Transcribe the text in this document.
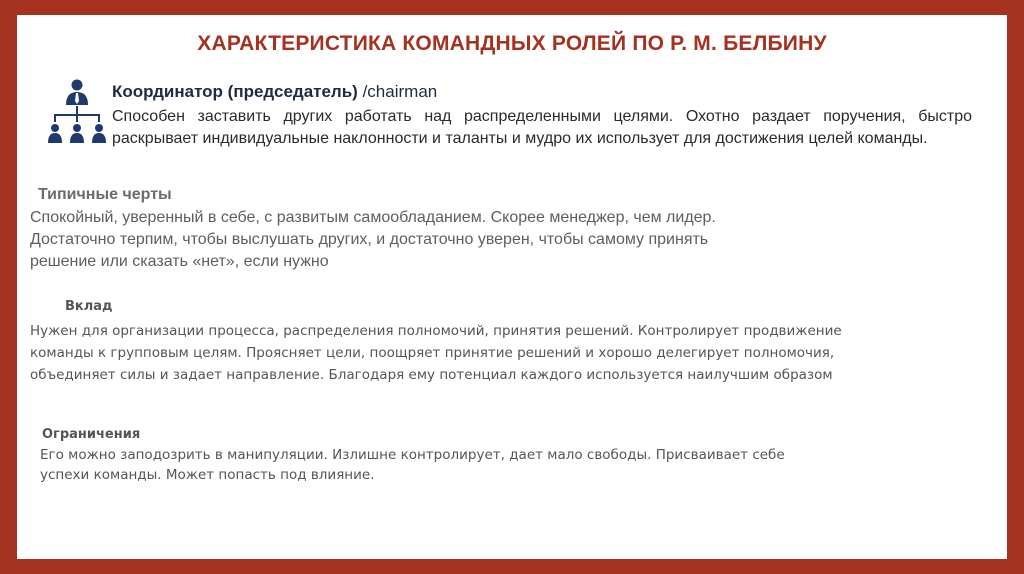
ХАРАКТЕРИСТИКА КОМАНДНЫХ РОЛЕЙ ПО Р. М. БЕЛБИНУ
Координатор (председатель) /chairman
Способен заставить других работать над распределенными целями. Охотно раздает поручения, быстро раскрывает индивидуальные наклонности и таланты и мудро их использует для достижения целей команды.
Типичные черты
Спокойный, уверенный в себе, с развитым самообладанием. Скорее менеджер, чем лидер.
Достаточно терпим, чтобы выслушать других, и достаточно уверен, чтобы самому принять
решение или сказать «нет», если нужно
Вклад
Нужен для организации процесса, распределения полномочий, принятия решений. Контролирует продвижение
команды к групповым целям. Проясняет цели, поощряет принятие решений и хорошо делегирует полномочия,
объединяет силы и задает направление. Благодаря ему потенциал каждого используется наилучшим образом
Ограничения
Его можно заподозрить в манипуляции. Излишне контролирует, дает мало свободы. Присваивает себе
успехи команды. Может попасть под влияние.
